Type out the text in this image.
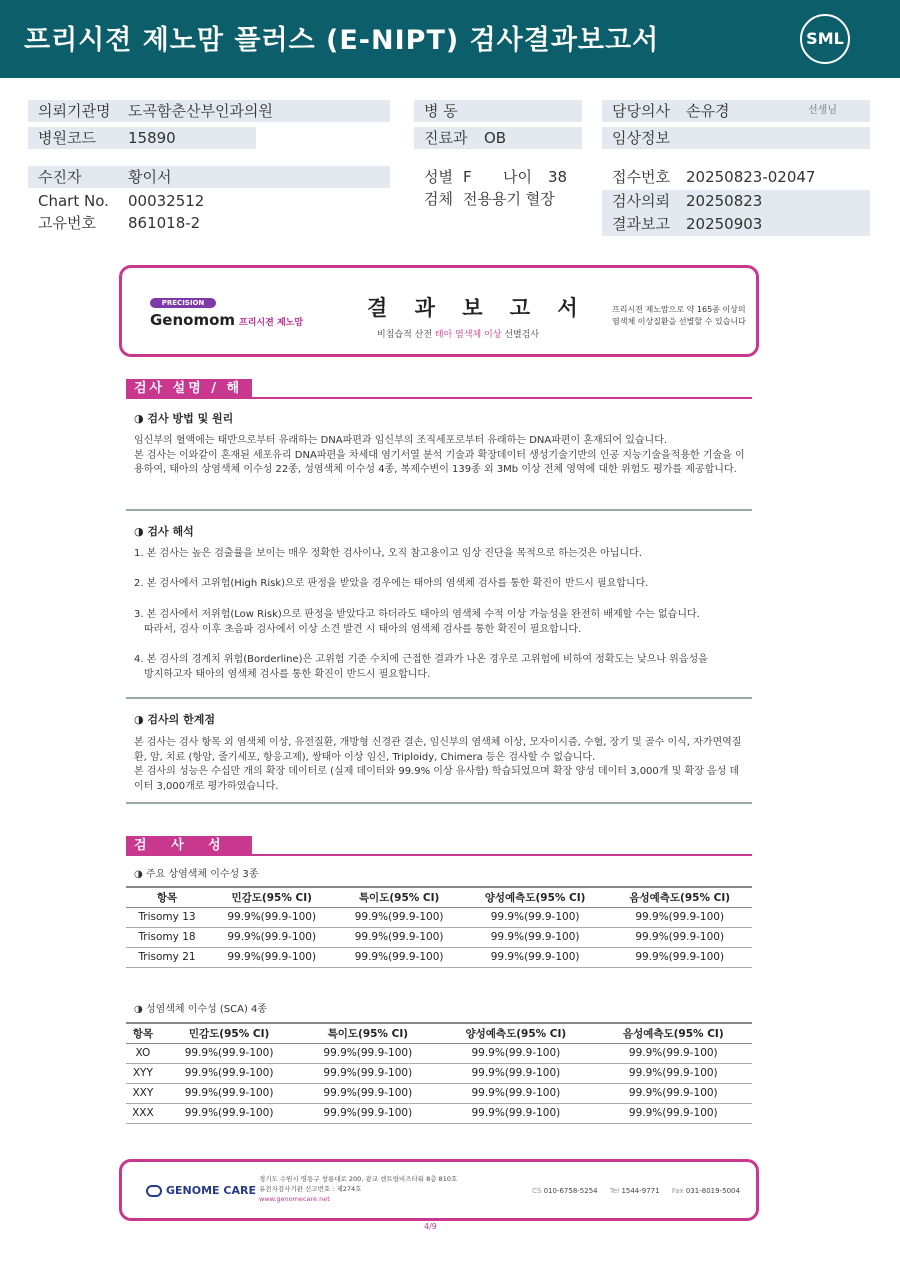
프리시젼 제노맘 플러스 (E-NIPT) 검사결과보고서	SML
의뢰기관명 도곡함춘산부인과의원
병원코드 15890
병 동
진료과 OB
담당의사 손유경	선생님
임상정보
수진자	황이서
Chart No. 00032512
고유번호 861018-2
성별 F 나이 38
검체 전용용기 혈장
접수번호 20250823-02047
검사의뢰 20250823
결과보고 20250903
PRECISION
Genomom 프리시젼 제노맘
결 과 보 고 서
비침습적 산전 태아 염색체 이상 선별검사
프리시젼 제노맘으로 약 165종 이상의 염색체 이상질환을 선별할 수 있습니다
검사 설명 / 해 석
◑ 검사 방법 및 원리
임신부의 혈액에는 태반으로부터 유래하는 DNA파편과 임신부의 조직세포로부터 유래하는 DNA파편이 혼재되어 있습니다.
본 검사는 이와같이 혼재된 세포유리 DNA파편을 차세대 염기서열 분석 기술과 확장데이터 생성기술기반의 인공 지능기술을적용한 기술을 이용하여, 태아의 상염색체 이수성 22종, 성염색체 이수성 4종, 복제수변이 139종 외 3Mb 이상 전체 영역에 대한 위험도 평가를 제공합니다.
◑ 검사 해석
1. 본 검사는 높은 검출률을 보이는 매우 정확한 검사이나, 오직 참고용이고 임상 진단을 목적으로 하는것은 아닙니다.
2. 본 검사에서 고위험(High Risk)으로 판정을 받았을 경우에는 태아의 염색체 검사를 통한 확진이 반드시 필요합니다.
3. 본 검사에서 저위험(Low Risk)으로 판정을 받았다고 하더라도 태아의 염색체 수적 이상 가능성을 완전히 배제할 수는 없습니다.
따라서, 검사 이후 초음파 검사에서 이상 소견 발견 시 태아의 염색체 검사를 통한 확진이 필요합니다.
4. 본 검사의 경계치 위험(Borderline)은 고위험 기준 수치에 근접한 결과가 나온 경우로 고위험에 비하여 정확도는 낮으나 위음성을
방지하고자 태아의 염색체 검사를 통한 확진이 반드시 필요합니다.
◑ 검사의 한계점
본 검사는 검사 항목 외 염색체 이상, 유전질환, 개방형 신경관 결손, 임신부의 염색체 이상, 모자이시즘, 수혈, 장기 및 골수 이식, 자가면역질환, 암, 치료 (항암, 줄기세포, 항응고제), 쌍태아 이상 임신, Triploidy, Chimera 등은 검사할 수 없습니다.
본 검사의 성능은 수십만 개의 확장 데이터로 (실제 데이터와 99.9% 이상 유사함) 학습되었으며 확장 양성 데이터 3,000개 및 확장 음성 데이터 3,000개로 평가하였습니다.
검 사 성 능
◑ 주요 상염색체 이수성 3종
항목	민감도(95% CI)	특이도(95% CI)	양성예측도(95% CI)	음성예측도(95% CI)
Trisomy 13	99.9%(99.9-100)	99.9%(99.9-100)	99.9%(99.9-100)	99.9%(99.9-100)
Trisomy 18	99.9%(99.9-100)	99.9%(99.9-100)	99.9%(99.9-100)	99.9%(99.9-100)
Trisomy 21	99.9%(99.9-100)	99.9%(99.9-100)	99.9%(99.9-100)	99.9%(99.9-100)
◑ 성염색체 이수성 (SCA) 4종
항목	민감도(95% CI)	특이도(95% CI)	양성예측도(95% CI)	음성예측도(95% CI)
XO	99.9%(99.9-100)	99.9%(99.9-100)	99.9%(99.9-100)	99.9%(99.9-100)
XYY	99.9%(99.9-100)	99.9%(99.9-100)	99.9%(99.9-100)	99.9%(99.9-100)
XXY	99.9%(99.9-100)	99.9%(99.9-100)	99.9%(99.9-100)	99.9%(99.9-100)
XXX	99.9%(99.9-100)	99.9%(99.9-100)	99.9%(99.9-100)	99.9%(99.9-100)
GENOME CARE
경기도 수원시 영통구 창룡대로 200, 광교 센트럴비즈타워 8층 810호
유전자검사기관 신고번호 : 제274호
www.genomecare.net
CS 010-6758-5254 Tel 1544-9771 Fax 031-8019-5004
4/9
